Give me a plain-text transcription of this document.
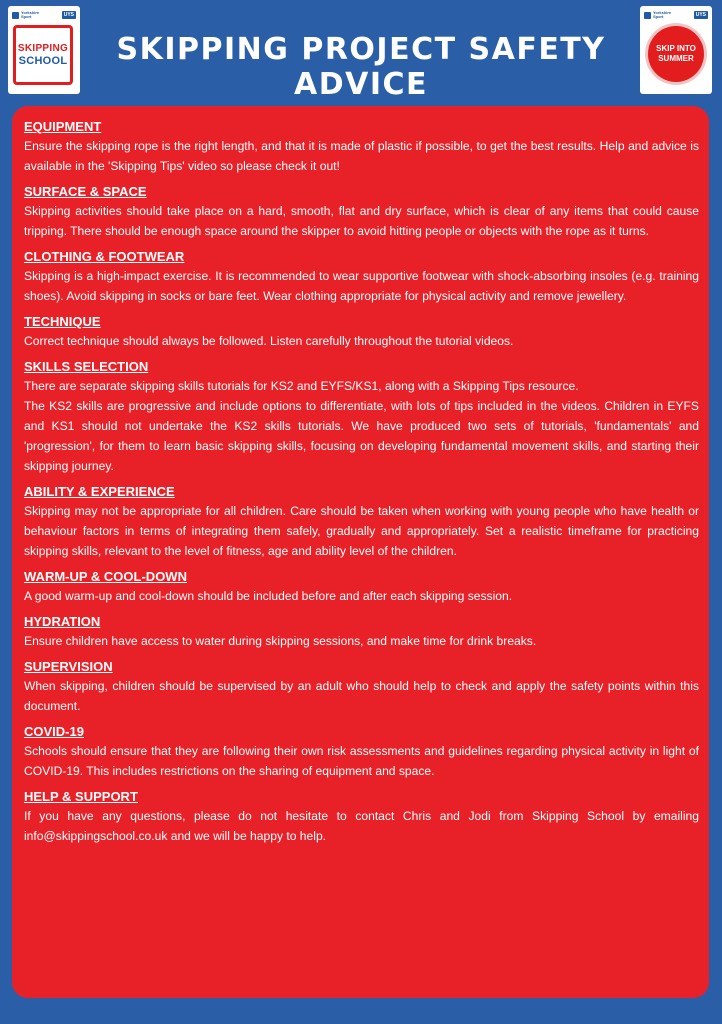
Yorkshire Sport	UYS
SKIPPING
SCHOOL	SKIPPING PROJECT SAFETY ADVICE
Yorkshire Sport	UYS
SKIP INTO
SUMMER
EQUIPMENT

Ensure the skipping rope is the right length, and that it is made of plastic if possible, to get the best results. Help and advice is available in the 'Skipping Tips' video so please check it out!

SURFACE & SPACE

Skipping activities should take place on a hard, smooth, flat and dry surface, which is clear of any items that could cause tripping. There should be enough space around the skipper to avoid hitting people or objects with the rope as it turns.

CLOTHING & FOOTWEAR

Skipping is a high-impact exercise. It is recommended to wear supportive footwear with shock-absorbing insoles (e.g. training shoes). Avoid skipping in socks or bare feet. Wear clothing appropriate for physical activity and remove jewellery.

TECHNIQUE

Correct technique should always be followed. Listen carefully throughout the tutorial videos.

SKILLS SELECTION

There are separate skipping skills tutorials for KS2 and EYFS/KS1, along with a Skipping Tips resource.

The KS2 skills are progressive and include options to differentiate, with lots of tips included in the videos. Children in EYFS and KS1 should not undertake the KS2 skills tutorials. We have produced two sets of tutorials, 'fundamentals' and 'progression', for them to learn basic skipping skills, focusing on developing fundamental movement skills, and starting their skipping journey.

ABILITY & EXPERIENCE

Skipping may not be appropriate for all children. Care should be taken when working with young people who have health or behaviour factors in terms of integrating them safely, gradually and appropriately. Set a realistic timeframe for practicing skipping skills, relevant to the level of fitness, age and ability level of the children.

WARM-UP & COOL-DOWN

A good warm-up and cool-down should be included before and after each skipping session.

HYDRATION

Ensure children have access to water during skipping sessions, and make time for drink breaks.

SUPERVISION

When skipping, children should be supervised by an adult who should help to check and apply the safety points within this document.

COVID-19

Schools should ensure that they are following their own risk assessments and guidelines regarding physical activity in light of COVID-19. This includes restrictions on the sharing of equipment and space.

HELP & SUPPORT

If you have any questions, please do not hesitate to contact Chris and Jodi from Skipping School by emailing info@skippingschool.co.uk and we will be happy to help.
